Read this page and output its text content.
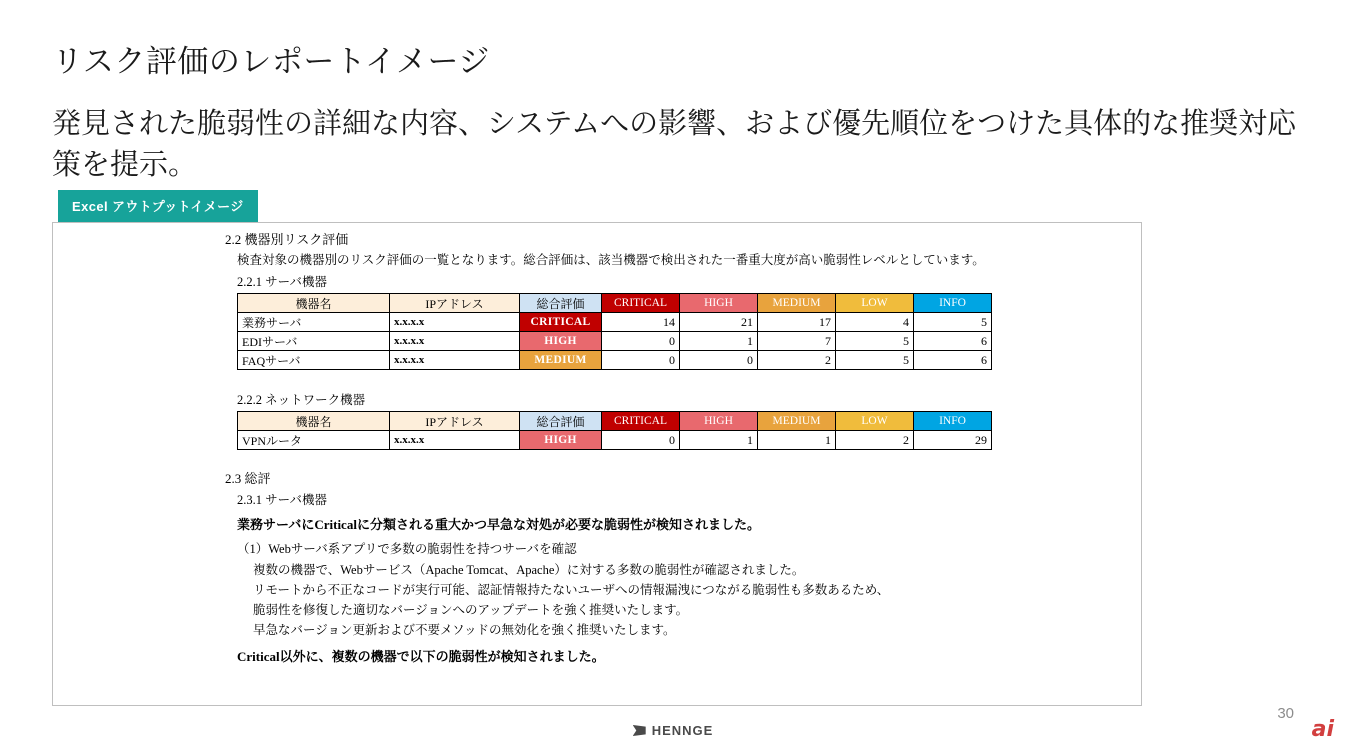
リスク評価のレポートイメージ
発見された脆弱性の詳細な内容、システムへの影響、および優先順位をつけた具体的な推奨対応策を提示。
Excel アウトプットイメージ
2.2 機器別リスク評価
検査対象の機器別のリスク評価の一覧となります。総合評価は、該当機器で検出された一番重大度が高い脆弱性レベルとしています。
2.2.1 サーバ機器
機器名	IPアドレス	総合評価	CRITICAL	HIGH	MEDIUM	LOW	INFO
業務サーバ	x.x.x.x	CRITICAL	14	21	17	4	5
EDIサーバ	x.x.x.x	HIGH	0	1	7	5	6
FAQサーバ	x.x.x.x	MEDIUM	0	0	2	5	6
2.2.2 ネットワーク機器
機器名	IPアドレス	総合評価	CRITICAL	HIGH	MEDIUM	LOW	INFO
VPNルータ	x.x.x.x	HIGH	0	1	1	2	29
2.3 総評
2.3.1 サーバ機器
業務サーバにCriticalに分類される重大かつ早急な対処が必要な脆弱性が検知されました。
（1）Webサーバ系アプリで多数の脆弱性を持つサーバを確認
複数の機器で、Webサービス（Apache Tomcat、Apache）に対する多数の脆弱性が確認されました。
リモートから不正なコードが実行可能、認証情報持たないユーザへの情報漏洩につながる脆弱性も多数あるため、
脆弱性を修復した適切なバージョンへのアップデートを強く推奨いたします。
早急なバージョン更新および不要メソッドの無効化を強く推奨いたします。
Critical以外に、複数の機器で以下の脆弱性が検知されました。
HENNGE
30
ai
